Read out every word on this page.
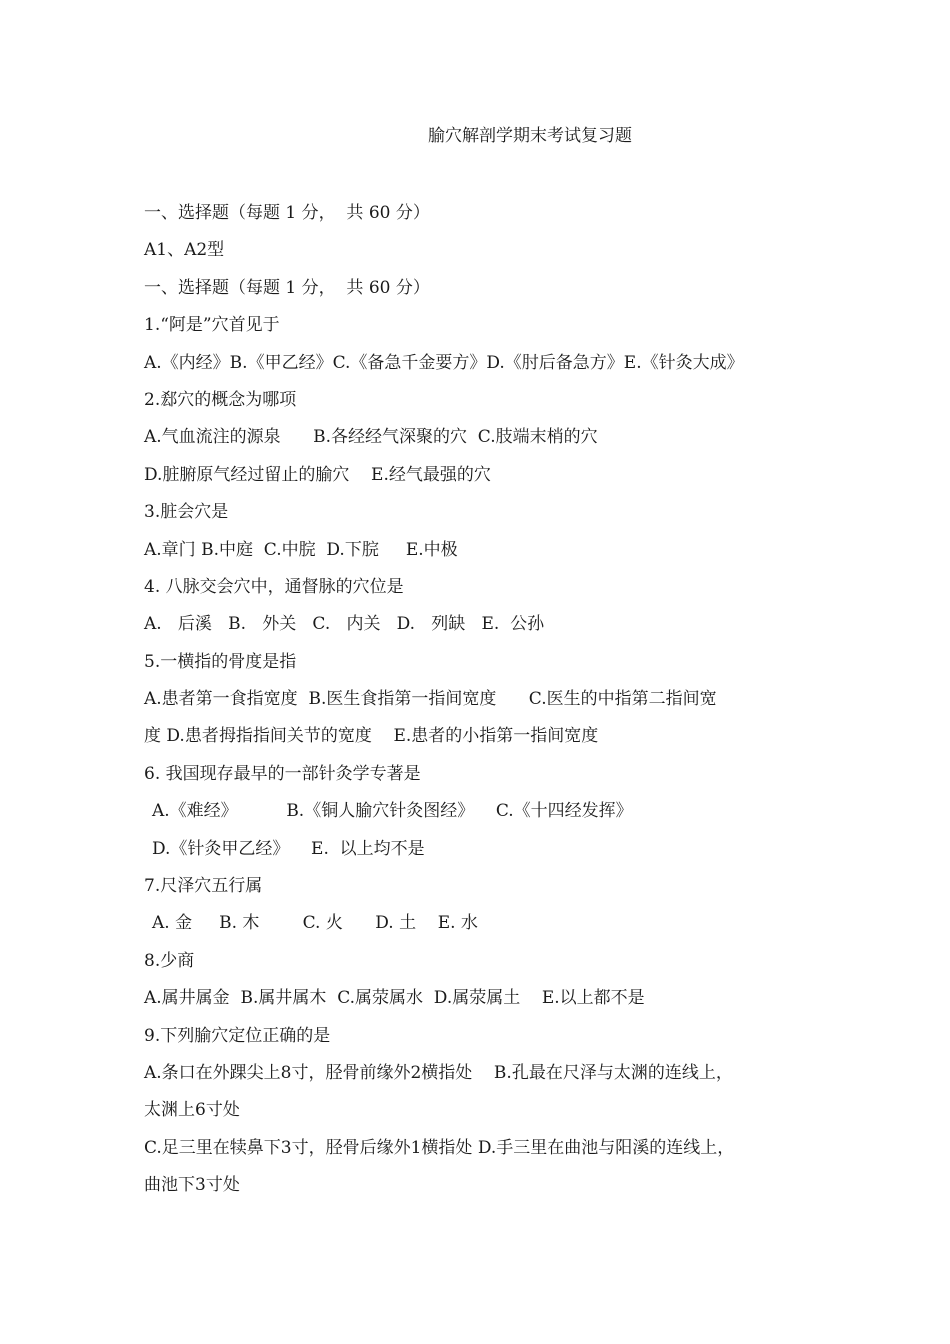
腧穴解剖学期末考试复习题
一、选择题（每题 1 分，  共 60 分）
A1、A2型
一、选择题（每题 1 分，  共 60 分）
1.“阿是”穴首见于
A.《内经》B.《甲乙经》C.《备急千金要方》D.《肘后备急方》E.《针灸大成》
2.郄穴的概念为哪项
A.气血流注的源泉      B.各经经气深聚的穴  C.肢端末梢的穴
D.脏腑原气经过留止的腧穴    E.经气最强的穴
3.脏会穴是
A.章门 B.中庭  C.中脘  D.下脘     E.中极
4. 八脉交会穴中，通督脉的穴位是
A.   后溪   B.   外关   C.   内关   D.   列缺   E.  公孙
5.一横指的骨度是指
A.患者第一食指宽度  B.医生食指第一指间宽度      C.医生的中指第二指间宽
度 D.患者拇指指间关节的宽度    E.患者的小指第一指间宽度
6. 我国现存最早的一部针灸学专著是
A.《难经》         B.《铜人腧穴针灸图经》    C.《十四经发挥》
D.《针灸甲乙经》    E.  以上均不是
7.尺泽穴五行属
A. 金     B. 木        C. 火      D. 土    E. 水
8.少商
A.属井属金  B.属井属木  C.属荥属水  D.属荥属土    E.以上都不是
9.下列腧穴定位正确的是
A.条口在外踝尖上8寸，胫骨前缘外2横指处    B.孔最在尺泽与太渊的连线上，
太渊上6寸处
C.足三里在犊鼻下3寸，胫骨后缘外1横指处 D.手三里在曲池与阳溪的连线上，
曲池下3寸处
